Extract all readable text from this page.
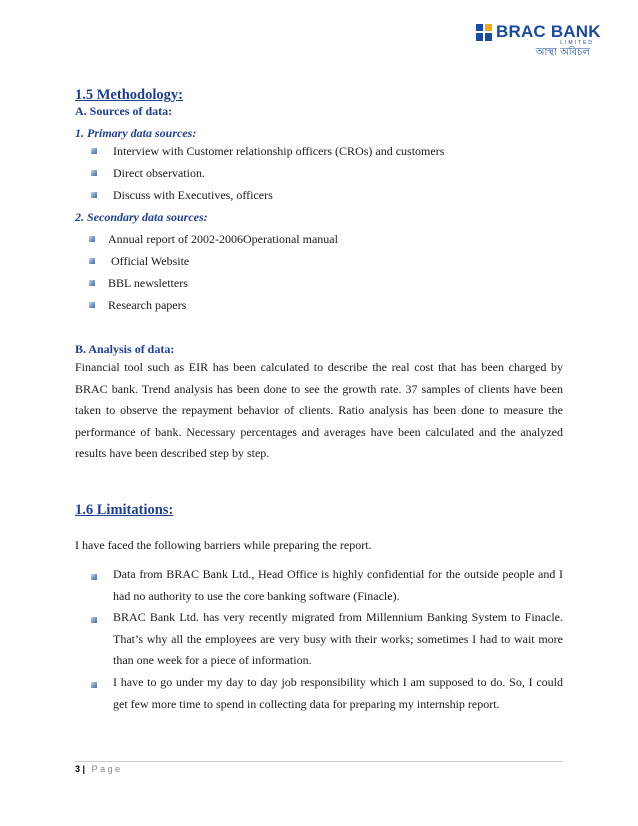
BRAC BANK
LIMITED
আস্থা অবিচল
1.5 Methodology:
A. Sources of data:
1. Primary data sources:
Interview with Customer relationship officers (CROs) and customers
Direct observation.
Discuss with Executives, officers
2. Secondary data sources:
Annual report of 2002-2006Operational manual
Official Website
BBL newsletters
Research papers
B. Analysis of data:

Financial tool such as EIR has been calculated to describe the real cost that has been charged by BRAC bank. Trend analysis has been done to see the growth rate. 37 samples of clients have been taken to observe the repayment behavior of clients. Ratio analysis has been done to measure the performance of bank. Necessary percentages and averages have been calculated and the analyzed results have been described step by step.

1.6 Limitations:
I have faced the following barriers while preparing the report.
Data from BRAC Bank Ltd., Head Office is highly confidential for the outside people and I had no authority to use the core banking software (Finacle).
BRAC Bank Ltd. has very recently migrated from Millennium Banking System to Finacle. That’s why all the employees are very busy with their works; sometimes I had to wait more than one week for a piece of information.
I have to go under my day to day job responsibility which I am supposed to do. So, I could get few more time to spend in collecting data for preparing my internship report.
3 | Page
